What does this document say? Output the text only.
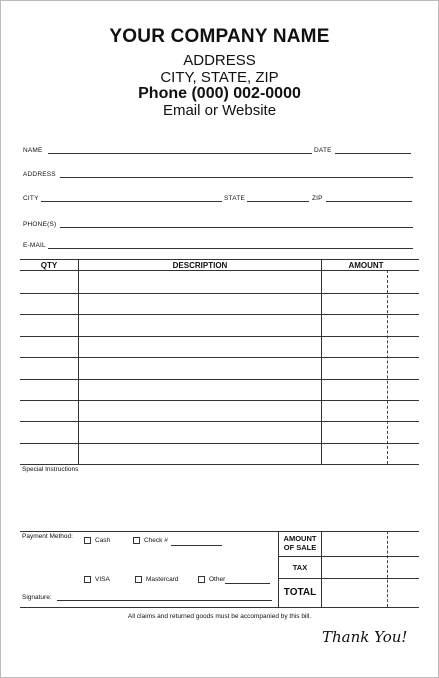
YOUR COMPANY NAME
ADDRESS
CITY, STATE, ZIP
Phone (000) 002-0000
Email or Website
NAME	DATE
ADDRESS
CITY	STATE	ZIP
PHONE(S)
E-MAIL
QTY	DESCRIPTION	AMOUNT
Special Instructions
Payment Method:
Cash	Check #
VISA	Mastercard	Other
Signature:
AMOUNT
OF SALE
TAX
TOTAL
All claims and returned goods must be accompanied by this bill.
Thank You!
